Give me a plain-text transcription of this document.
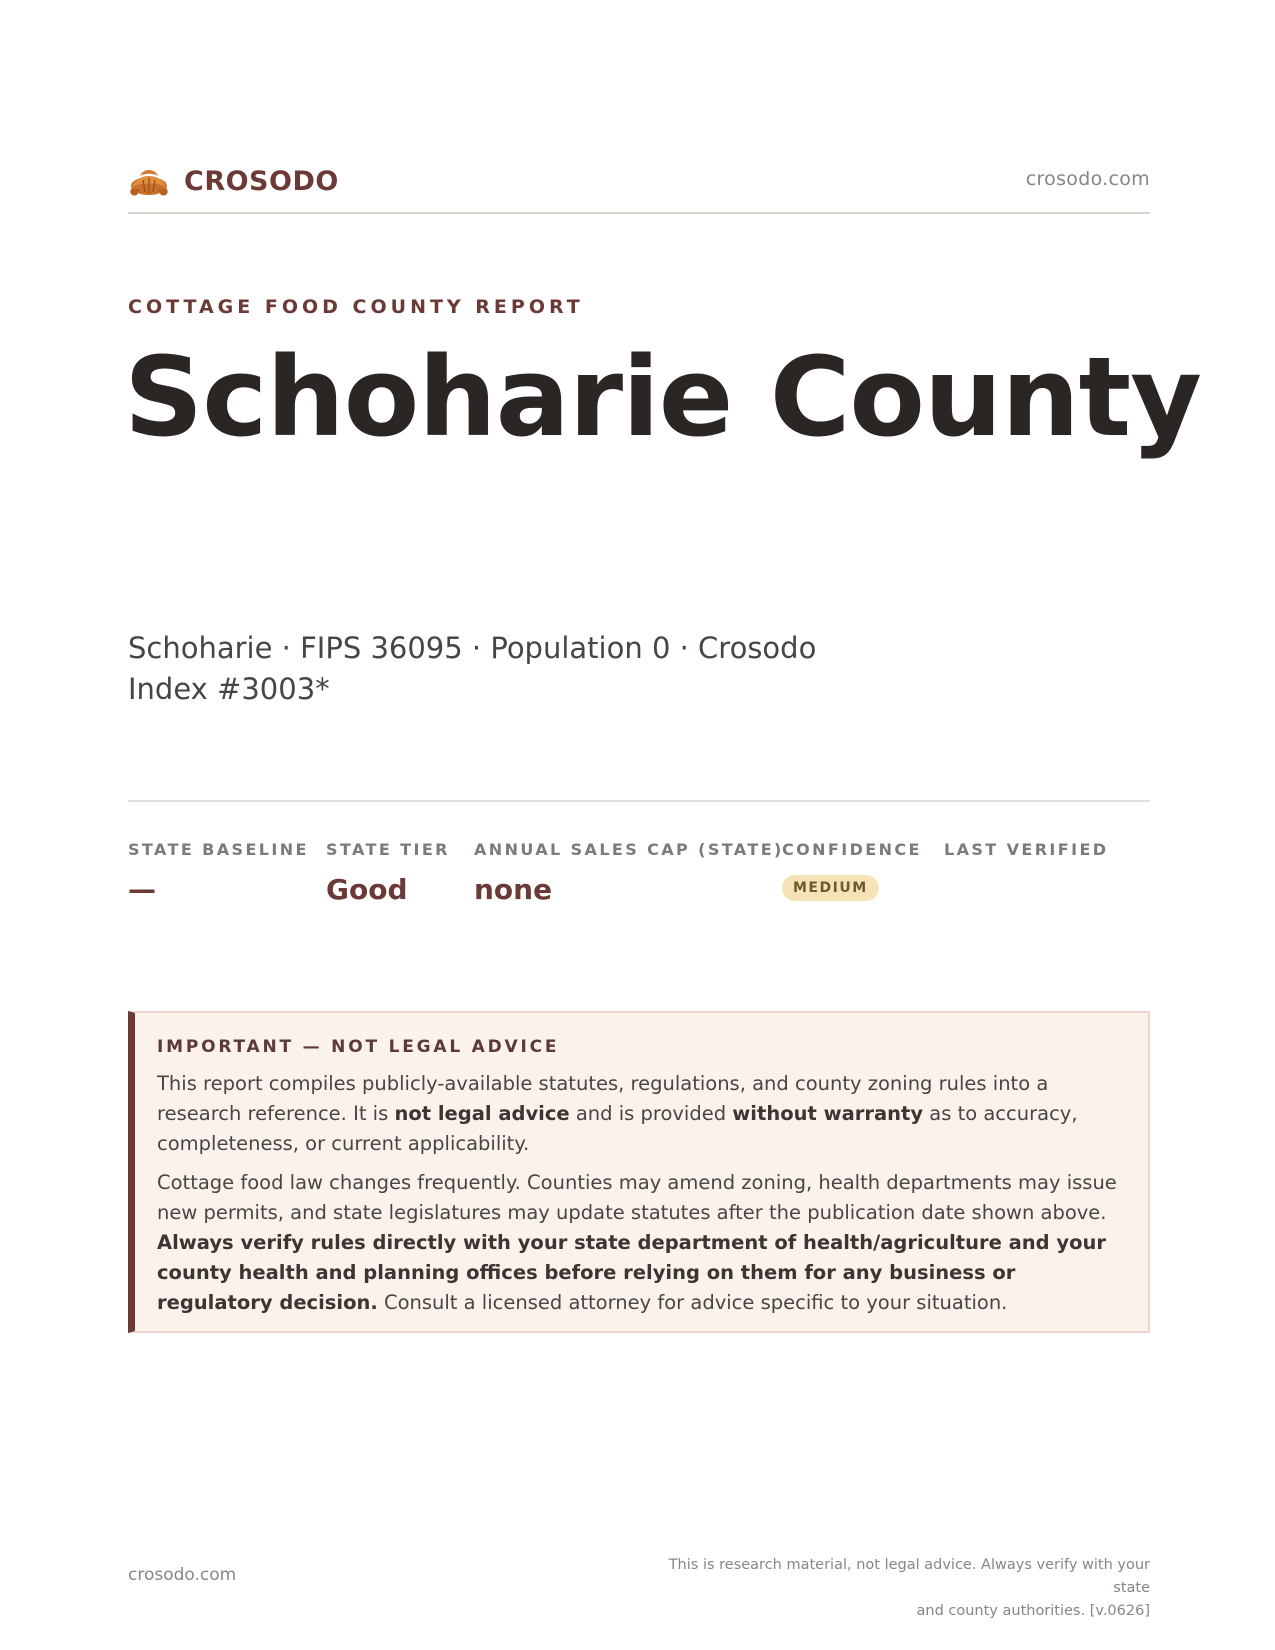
CROSODO	crosodo.com
COTTAGE FOOD COUNTY REPORT
Schoharie County
Schoharie · FIPS 36095 · Population 0 · Crosodo Index #3003*
STATE BASELINE
—
STATE TIER
Good
ANNUAL SALES CAP (STATE)
none
CONFIDENCE
MEDIUM
LAST VERIFIED
IMPORTANT — NOT LEGAL ADVICE

This report compiles publicly-available statutes, regulations, and county zoning rules into a research reference. It is not legal advice and is provided without warranty as to accuracy, completeness, or current applicability.

Cottage food law changes frequently. Counties may amend zoning, health departments may issue new permits, and state legislatures may update statutes after the publication date shown above. Always verify rules directly with your state department of health/agriculture and your county health and planning offices before relying on them for any business or regulatory decision. Consult a licensed attorney for advice specific to your situation.

crosodo.com	This is research material, not legal advice. Always verify with your state
and county authorities. [v.0626]
